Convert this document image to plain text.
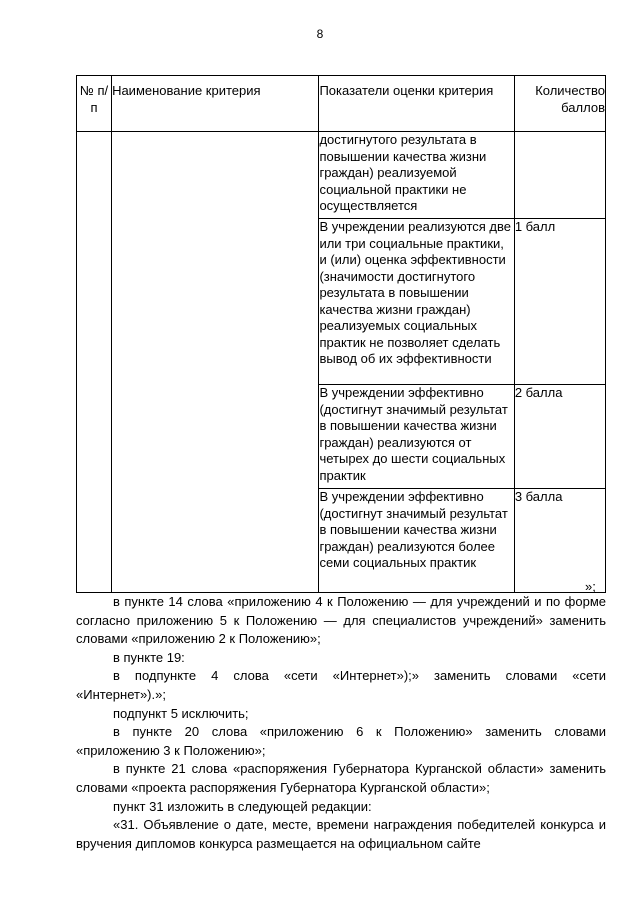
8
№ п/п	Наименование критерия	Показатели оценки критерия	Количество баллов
		достигнутого результата в повышении качества жизни граждан) реализуемой социальной практики не осуществляется	
		В учреждении реализуются две или три социальные практики, и (или) оценка эффективности (значимости достигнутого результата в повышении качества жизни граждан) реализуемых социальных практик не позволяет сделать вывод об их эффективности	1 балл
		В учреждении эффективно (достигнут значимый результат в повышении качества жизни граждан) реализуются от четырех до шести социальных практик	2 балла
		В учреждении эффективно (достигнут значимый результат в повышении качества жизни граждан) реализуются более семи социальных практик	3 балла
»;

в пункте 14 слова «приложению 4 к Положению — для учреждений и по форме согласно приложению 5 к Положению — для специалистов учреждений» заменить словами «приложению 2 к Положению»;

в пункте 19:

в подпункте 4 слова «сети «Интернет»);» заменить словами «сети «Интернет»).»;

подпункт 5 исключить;

в пункте 20 слова «приложению 6 к Положению» заменить словами «приложению 3 к Положению»;

в пункте 21 слова «распоряжения Губернатора Курганской области» заменить словами «проекта распоряжения Губернатора Курганской области»;

пункт 31 изложить в следующей редакции:

«31. Объявление о дате, месте, времени награждения победителей конкурса и вручения дипломов конкурса размещается на официальном сайте
